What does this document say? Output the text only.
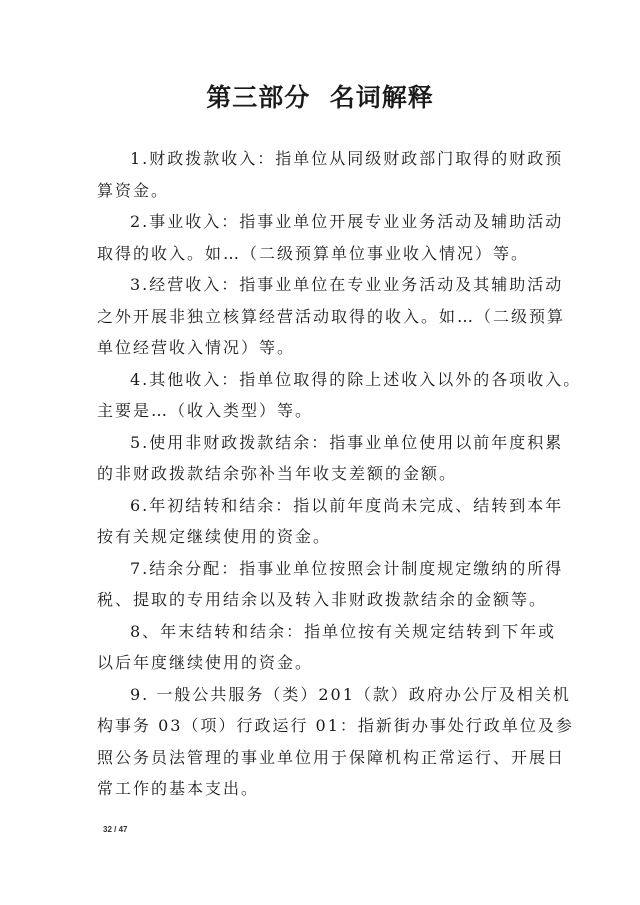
第三部分  名词解释
1.财政拨款收入：指单位从同级财政部门取得的财政预
算资金。
2.事业收入：指事业单位开展专业业务活动及辅助活动
取得的收入。如…（二级预算单位事业收入情况）等。
3.经营收入：指事业单位在专业业务活动及其辅助活动
之外开展非独立核算经营活动取得的收入。如…（二级预算
单位经营收入情况）等。
4.其他收入：指单位取得的除上述收入以外的各项收入。
主要是…（收入类型）等。
5.使用非财政拨款结余：指事业单位使用以前年度积累
的非财政拨款结余弥补当年收支差额的金额。
6.年初结转和结余：指以前年度尚未完成、结转到本年
按有关规定继续使用的资金。
7.结余分配：指事业单位按照会计制度规定缴纳的所得
税、提取的专用结余以及转入非财政拨款结余的金额等。
8、年末结转和结余：指单位按有关规定结转到下年或
以后年度继续使用的资金。
9. 一般公共服务（类）201（款）政府办公厅及相关机
构事务 03（项）行政运行 01：指新街办事处行政单位及参
照公务员法管理的事业单位用于保障机构正常运行、开展日
常工作的基本支出。
32 / 47
